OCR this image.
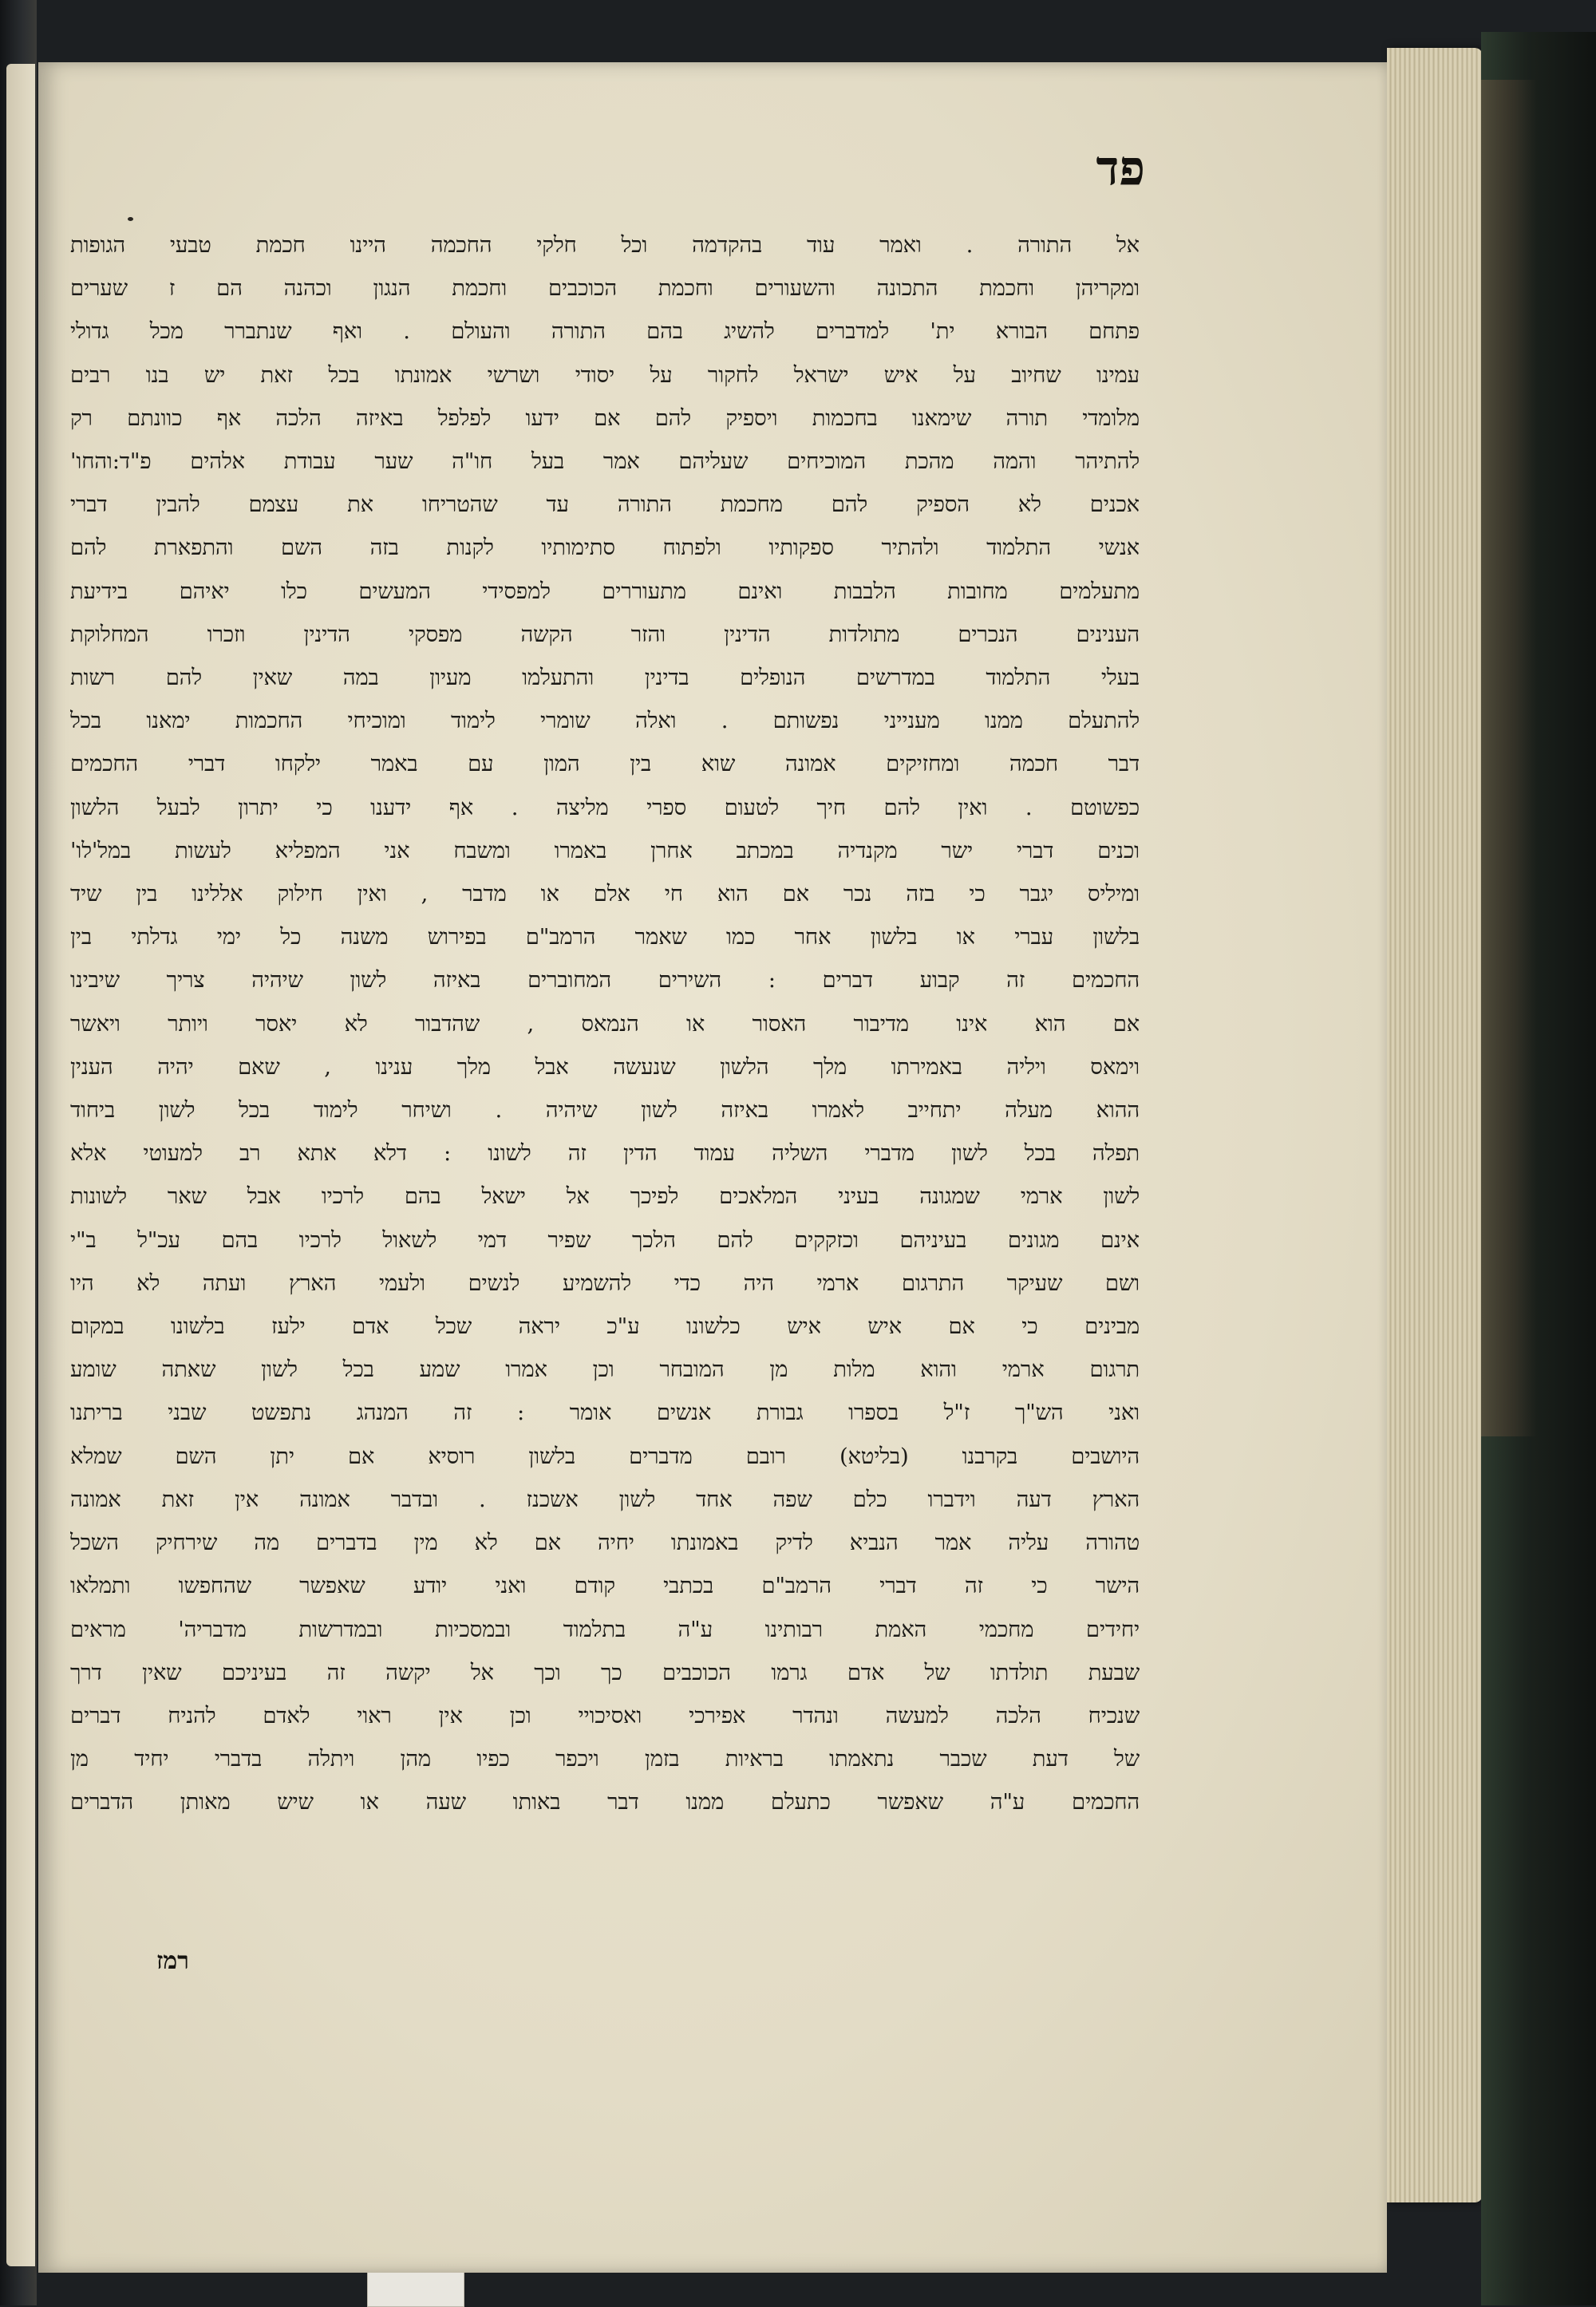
פד
אל התורה . ואמר עוד בהקדמה וכל חלקי החכמה היינו חכמת טבעי הגופות
ומקריהן וחכמת התכונה והשעורים וחכמת הכוכבים וחכמת הנגון וכהנה הם ז שערים
פתחם הבורא ית' למדברים להשיג בהם התורה והעולם . ואף שנתברר מכל גדולי
עמינו שחיוב על איש ישראל לחקור על יסודי ושרשי אמונתו בכל זאת יש בנו רבים
מלומדי תורה שימאנו בחכמות ויספיק להם אם ידעו לפלפל באיזה הלכה אף כוונתם רק
להתיהר והמה מהכת המוכיחים שעליהם אמר בעל חו"ה שער עבודת אלהים פ"ד:והחו'
אכנים לא הספיק להם מחכמת התורה עד שהטריחו את עצמם להבין דברי
אנשי התלמוד ולהתיר ספקותיו ולפתוח סתימותיו לקנות בזה השם והתפארת להם
מתעלמים מחובות הלבבות ואינם מתעוררים למפסידי המעשים כלו יאיהם בידיעת
הענינים הנכרים מתולדות הדינין והזר הקשה מפסקי הדינין וזכרו המחלוקת
בעלי התלמוד במדרשים הנופלים בדינין והתעלמו מעיון במה שאין להם רשות
להתעלם ממנו מענייני נפשותם . ואלה שומרי לימוד ומוכיחי החכמות ימאנו בכל
דבר חכמה ומחזיקים אמונה שוא בין המון עם באמר ילקחו דברי החכמים
כפשוטם . ואין להם חיך לטעום ספרי מליצה . אף ידענו כי יתרון לבעל הלשון
וכנים דברי ישר מקנדיה במכתב אחרן באמרו ומשבח אני המפליא לעשות במל'לו'
ומיליס יגבר כי בזה נכר אם הוא חי אלם או מדבר , ואין חילוק אללינו בין שיד
בלשון עברי או בלשון אחר כמו שאמר הרמב"ם בפירוש משנה כל ימי גדלתי בין
החכמים זה קבוע דברים : השירים המחוברים באיזה לשון שיהיה צריך שיבינו
אם הוא אינו מדיבור האסור או הנמאס , שהדבור לא יאסר ויותר ויאשר
וימאס ויליה באמירתו מלך הלשון שנעשה אבל מלך ענינו , שאם יהיה הענין
ההוא מעלה יתחייב לאמרו באיזה לשון שיהיה . ושיחר לימוד בכל לשון ביחוד
תפלה בכל לשון מדברי השליה עמוד הדין זה לשונו : דלא אתא רב למעוטי אלא
לשון ארמי שמגונה בעיני המלאכים לפיכך אל ישאל בהם לרכיו אבל שאר לשונות
אינם מגונים בעיניהם וכזקקים להם הלכך שפיר דמי לשאול לרכיו בהם עכ"ל ב"י
ושם שעיקר התרגום ארמי היה כדי להשמיע לנשים ולעמי הארץ ועתה לא היו
מבינים כי אם איש איש כלשונו ע"כ יראה שכל אדם ילעז בלשונו במקום
תרגום ארמי והוא מלות מן המובחר וכן אמרו שמע בכל לשון שאתה שומע
ואני הש"ך ז"ל בספרו גבורת אנשים אומר : זה המנהג נתפשט שבני בריתנו
היושבים בקרבנו (בליטא) רובם מדברים בלשון רוסיא אם יתן השם שמלא
הארץ דעה וידברו כלם שפה אחד לשון אשכנז . ובדבר אמונה אין זאת אמונה
טהורה עליה אמר הנביא לדיק באמונתו יחיה אם לא מין בדברים מה שירחיק השכל
הישר כי זה דברי הרמב"ם בכתבי קודם ואני יודע שאפשר שהחפשו ותמלאו
יחידים מחכמי האמת רבותינו ע"ה בתלמוד ובמסכיות ובמדרשות מדבריה' מראים
שבעת תולדתו של אדם גרמו הכוכבים כך וכך אל יקשה זה בעיניכם שאין דרך
שנכיח הלכה למעשה ונהדר אפירכי ואסיכויי וכן אין ראוי לאדם להניח דברים
של דעת שכבר נתאמתו בראיות בזמן ויכפר כפיו מהן ויתלה בדברי יחיד מן
החכמים ע"ה שאפשר כתעלם ממנו דבר באותו שעה או שיש מאותן הדברים
רמז
